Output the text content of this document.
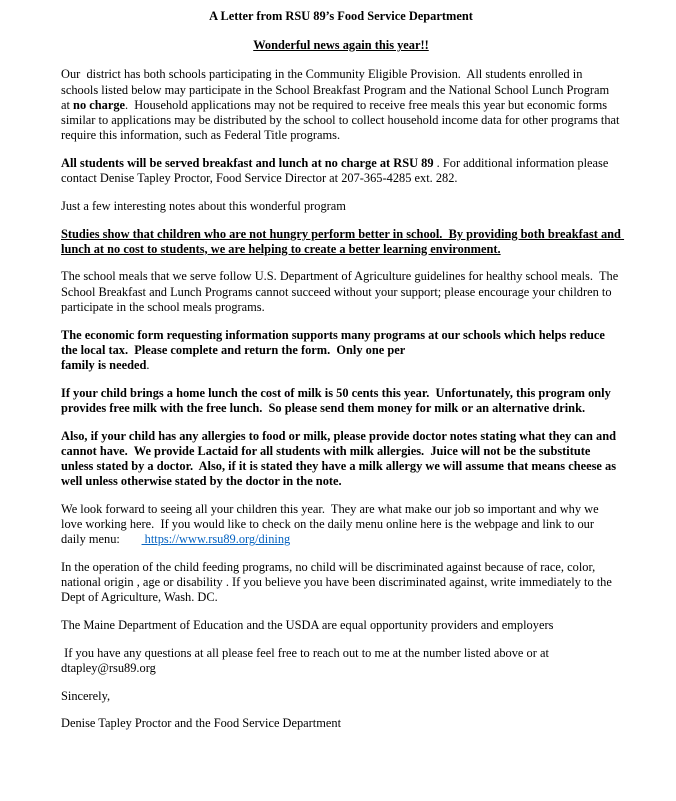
A Letter from RSU 89’s Food Service Department

Wonderful news again this year!!

Our  district has both schools participating in the Community Eligible Provision.  All students enrolled in schools listed below may participate in the School Breakfast Program and the National School Lunch Program at no charge.  Household applications may not be required to receive free meals this year but economic forms similar to applications may be distributed by the school to collect household income data for other programs that require this information, such as Federal Title programs.

All students will be served breakfast and lunch at no charge at RSU 89 . For additional information please contact Denise Tapley Proctor, Food Service Director at 207-365-4285 ext. 282.

Just a few interesting notes about this wonderful program

Studies show that children who are not hungry perform better in school.  By providing both breakfast and lunch at no cost to students, we are helping to create a better learning environment.

The school meals that we serve follow U.S. Department of Agriculture guidelines for healthy school meals.  The School Breakfast and Lunch Programs cannot succeed without your support; please encourage your children to participate in the school meals programs.

The economic form requesting information supports many programs at our schools which helps reduce the local tax.  Please complete and return the form.  Only one per
family is needed.

If your child brings a home lunch the cost of milk is 50 cents this year.  Unfortunately, this program only provides free milk with the free lunch.  So please send them money for milk or an alternative drink.

Also, if your child has any allergies to food or milk, please provide doctor notes stating what they can and cannot have.  We provide Lactaid for all students with milk allergies.  Juice will not be the substitute unless stated by a doctor.  Also, if it is stated they have a milk allergy we will assume that means cheese as well unless otherwise stated by the doctor in the note.

We look forward to seeing all your children this year.  They are what make our job so important and why we love working here.  If you would like to check on the daily menu online here is the webpage and link to our daily menu:        https://www.rsu89.org/dining

In the operation of the child feeding programs, no child will be discriminated against because of race, color, national origin , age or disability . If you believe you have been discriminated against, write immediately to the Dept of Agriculture, Wash. DC.

The Maine Department of Education and the USDA are equal opportunity providers and employers

If you have any questions at all please feel free to reach out to me at the number listed above or at dtapley@rsu89.org

Sincerely,

Denise Tapley Proctor and the Food Service Department
